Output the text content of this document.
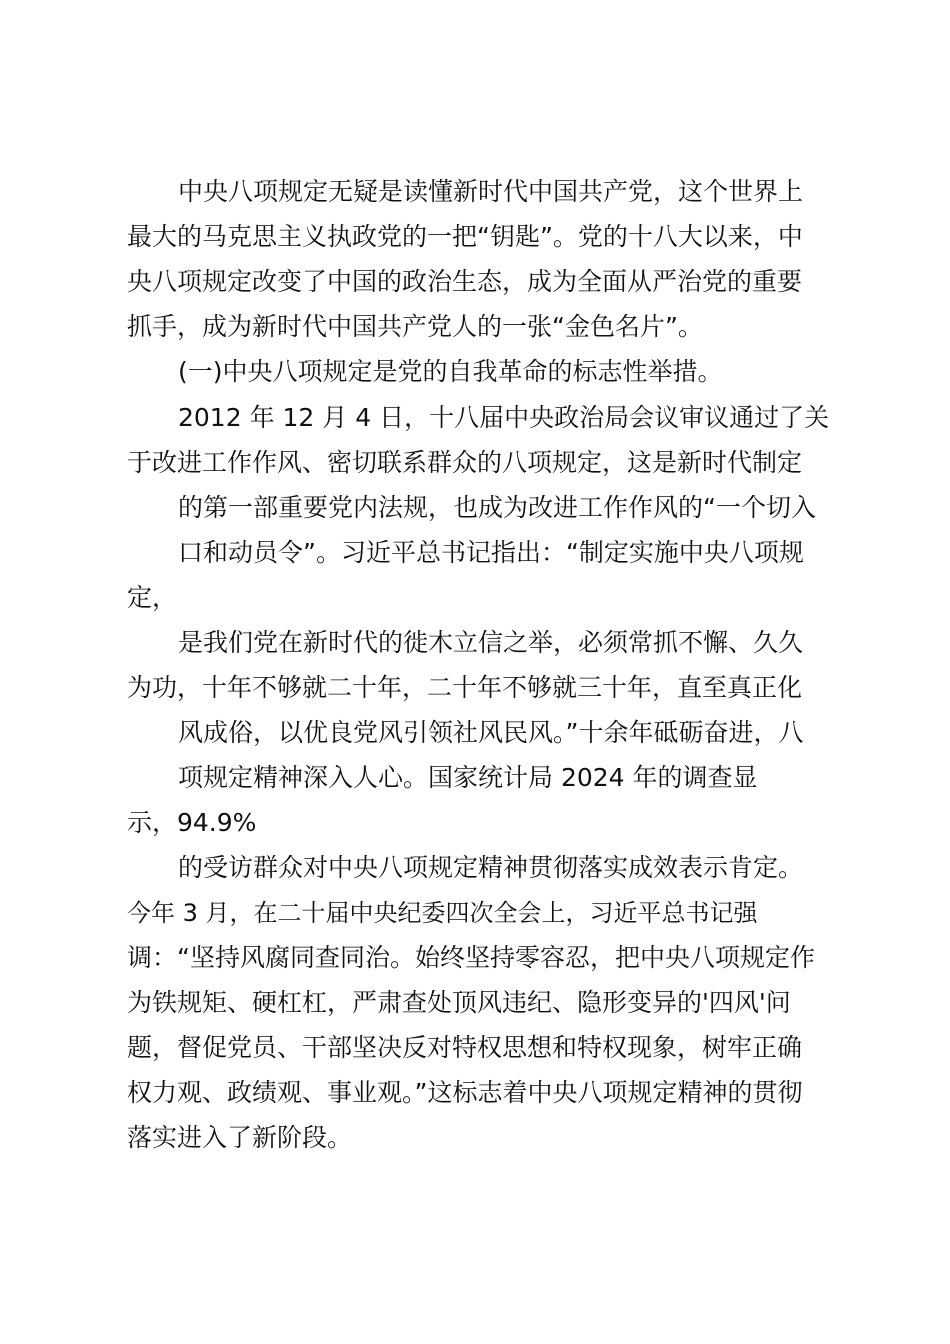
中央八项规定无疑是读懂新时代中国共产党，这个世界上
最大的马克思主义执政党的一把“钥匙”。党的十八大以来，中
央八项规定改变了中国的政治生态，成为全面从严治党的重要
抓手，成为新时代中国共产党人的一张“金色名片”。
(一)中央八项规定是党的自我革命的标志性举措。
2012 年 12 月 4 日，十八届中央政治局会议审议通过了关
于改进工作作风、密切联系群众的八项规定，这是新时代制定
的第一部重要党内法规，也成为改进工作作风的“一个切入
口和动员令”。习近平总书记指出：“制定实施中央八项规
定，
是我们党在新时代的徙木立信之举，必须常抓不懈、久久
为功，十年不够就二十年，二十年不够就三十年，直至真正化
风成俗，以优良党风引领社风民风。”十余年砥砺奋进，八
项规定精神深入人心。国家统计局 2024 年的调查显
示，94.9%
的受访群众对中央八项规定精神贯彻落实成效表示肯定。
今年 3 月，在二十届中央纪委四次全会上，习近平总书记强
调：“坚持风腐同查同治。始终坚持零容忍，把中央八项规定作
为铁规矩、硬杠杠，严肃查处顶风违纪、隐形变异的'四风'问
题，督促党员、干部坚决反对特权思想和特权现象，树牢正确
权力观、政绩观、事业观。”这标志着中央八项规定精神的贯彻
落实进入了新阶段。
